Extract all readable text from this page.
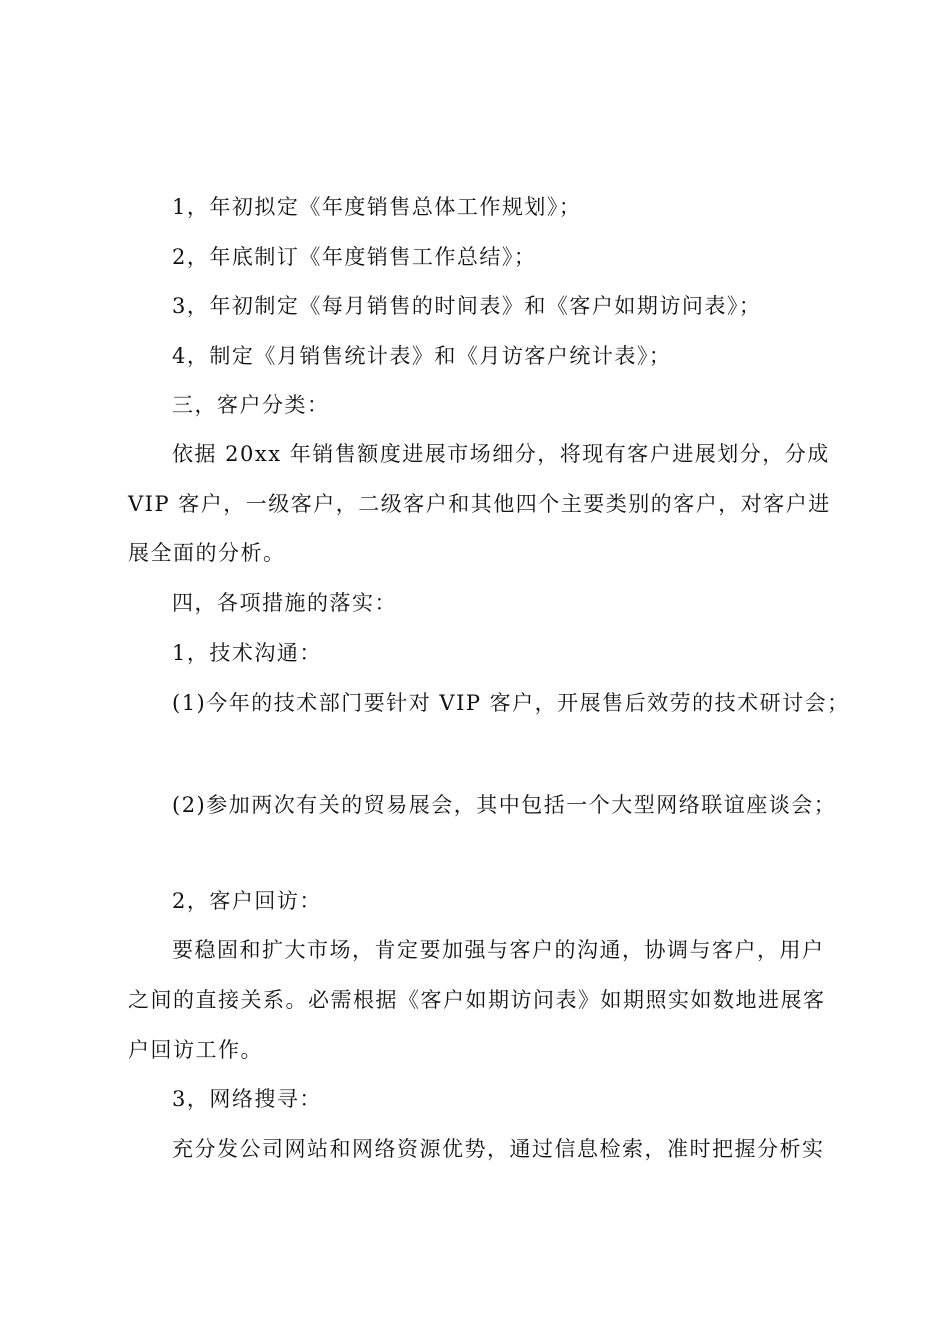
1，年初拟定《年度销售总体工作规划》；
2，年底制订《年度销售工作总结》；
3，年初制定《每月销售的时间表》和《客户如期访问表》；
4，制定《月销售统计表》和《月访客户统计表》；
三，客户分类：
依据 20xx 年销售额度进展市场细分，将现有客户进展划分，分成
VIP 客户，一级客户，二级客户和其他四个主要类别的客户，对客户进
展全面的分析。
四，各项措施的落实：
1，技术沟通：
(1)今年的技术部门要针对 VIP 客户，开展售后效劳的技术研讨会；
(2)参加两次有关的贸易展会，其中包括一个大型网络联谊座谈会；
2，客户回访：
要稳固和扩大市场，肯定要加强与客户的沟通，协调与客户，用户
之间的直接关系。必需根据《客户如期访问表》如期照实如数地进展客
户回访工作。
3，网络搜寻：
充分发公司网站和网络资源优势，通过信息检索，准时把握分析实
